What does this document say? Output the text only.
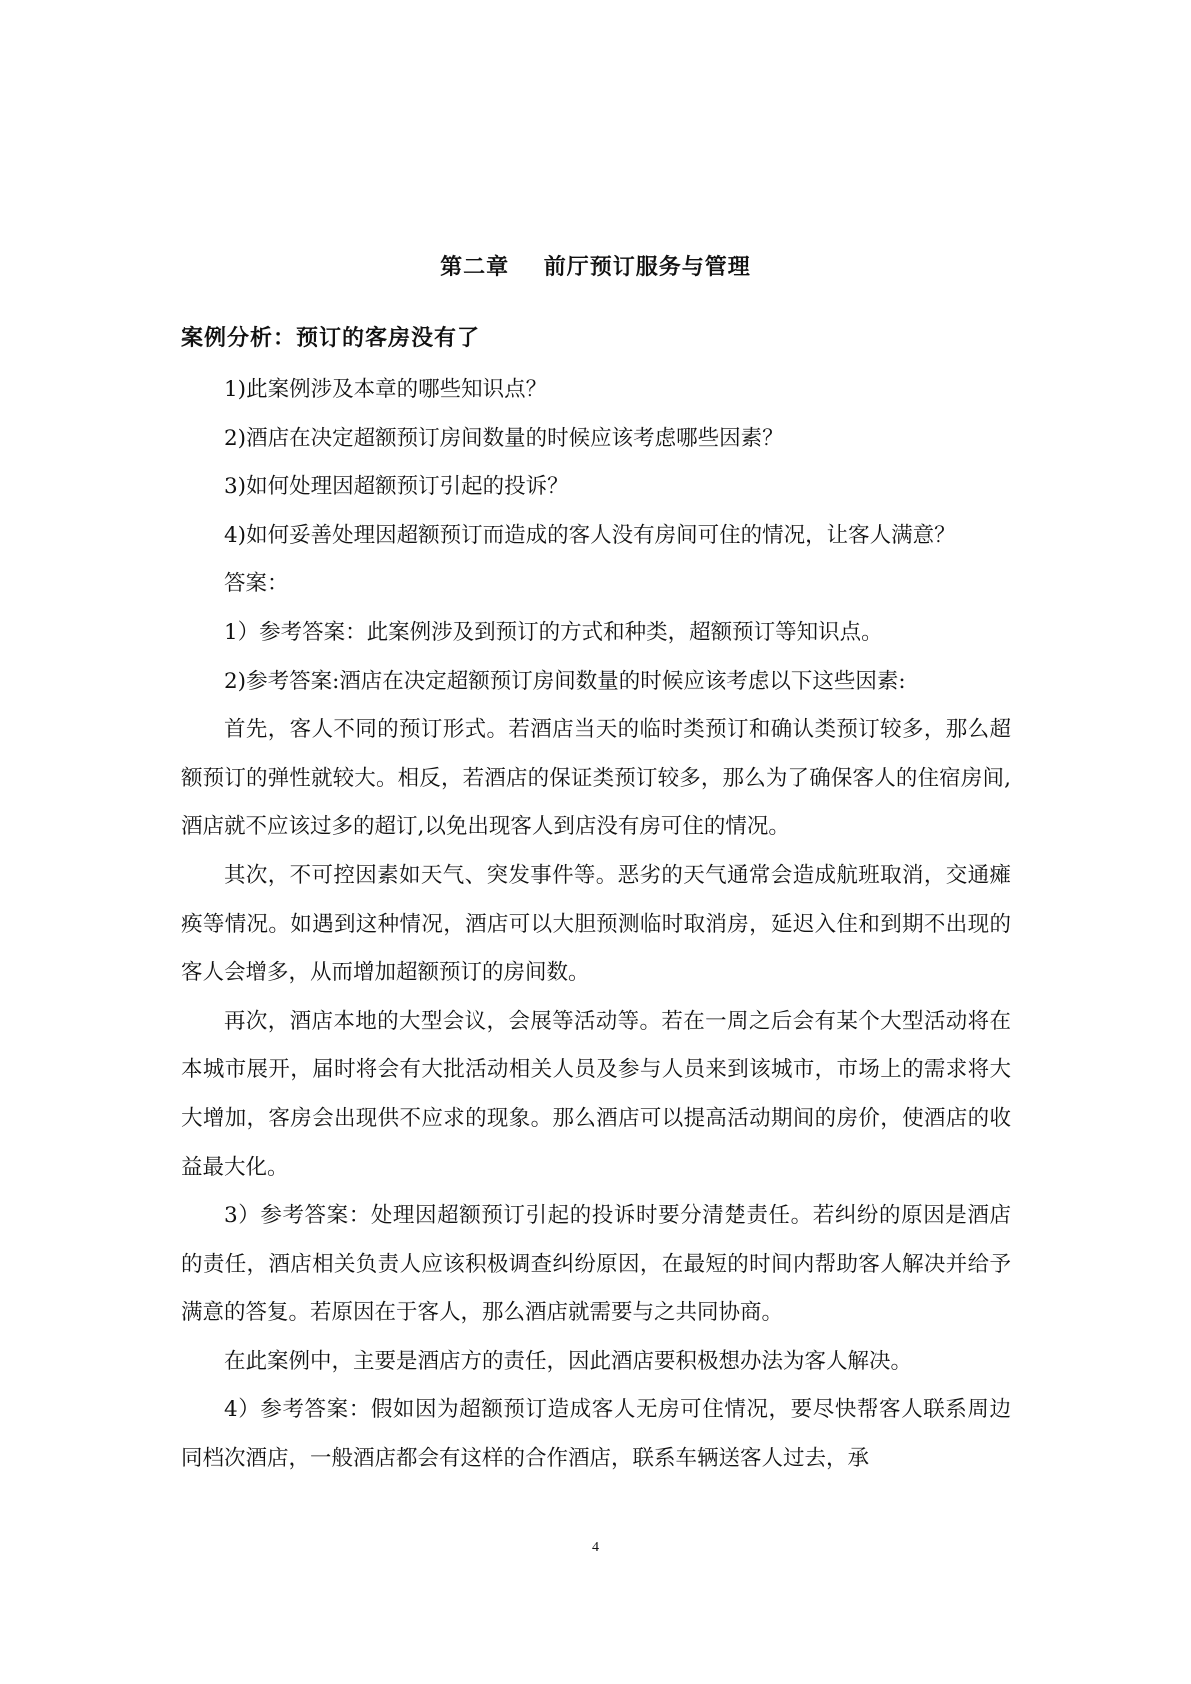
第二章    前厅预订服务与管理
案例分析：预订的客房没有了

1)此案例涉及本章的哪些知识点？

2)酒店在决定超额预订房间数量的时候应该考虑哪些因素？

3)如何处理因超额预订引起的投诉？

4)如何妥善处理因超额预订而造成的客人没有房间可住的情况，让客人满意？

答案：

1）参考答案：此案例涉及到预订的方式和种类，超额预订等知识点。

2)参考答案:酒店在决定超额预订房间数量的时候应该考虑以下这些因素:

首先，客人不同的预订形式。若酒店当天的临时类预订和确认类预订较多，那么超额预订的弹性就较大。相反，若酒店的保证类预订较多，那么为了确保客人的住宿房间,酒店就不应该过多的超订,以免出现客人到店没有房可住的情况。

其次，不可控因素如天气、突发事件等。恶劣的天气通常会造成航班取消，交通瘫痪等情况。如遇到这种情况，酒店可以大胆预测临时取消房，延迟入住和到期不出现的客人会增多，从而增加超额预订的房间数。

再次，酒店本地的大型会议，会展等活动等。若在一周之后会有某个大型活动将在本城市展开，届时将会有大批活动相关人员及参与人员来到该城市，市场上的需求将大大增加，客房会出现供不应求的现象。那么酒店可以提高活动期间的房价，使酒店的收益最大化。

3）参考答案：处理因超额预订引起的投诉时要分清楚责任。若纠纷的原因是酒店的责任，酒店相关负责人应该积极调查纠纷原因，在最短的时间内帮助客人解决并给予满意的答复。若原因在于客人，那么酒店就需要与之共同协商。

在此案例中，主要是酒店方的责任，因此酒店要积极想办法为客人解决。

4）参考答案：假如因为超额预订造成客人无房可住情况，要尽快帮客人联系周边同档次酒店，一般酒店都会有这样的合作酒店，联系车辆送客人过去，承

4
